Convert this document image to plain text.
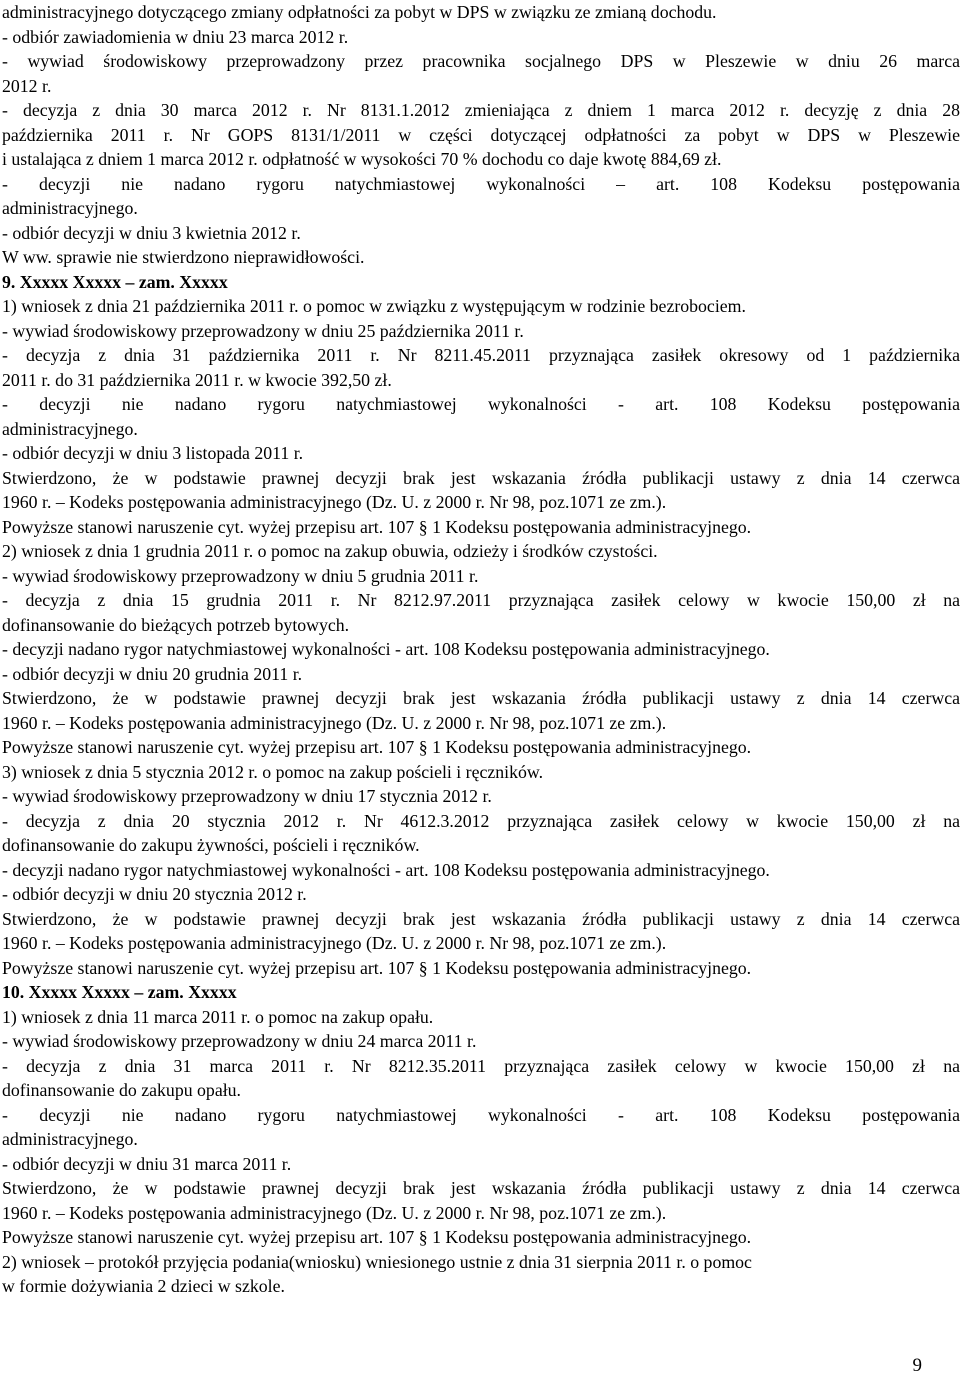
administracyjnego dotyczącego zmiany odpłatności za pobyt w DPS w związku ze zmianą dochodu.
- odbiór zawiadomienia w dniu 23 marca 2012 r.
- wywiad środowiskowy przeprowadzony przez pracownika socjalnego DPS w Pleszewie w dniu 26 marca
2012 r.
- decyzja z dnia 30 marca 2012 r. Nr 8131.1.2012 zmieniająca z dniem 1 marca 2012 r. decyzję z dnia 28
października 2011 r. Nr GOPS 8131/1/2011 w części dotyczącej odpłatności za pobyt w DPS w Pleszewie
i ustalająca z dniem 1 marca 2012 r. odpłatność w wysokości 70 % dochodu co daje kwotę 884,69 zł.
- decyzji nie nadano rygoru natychmiastowej wykonalności – art. 108 Kodeksu postępowania
administracyjnego.
- odbiór decyzji w dniu 3 kwietnia 2012 r.
W ww. sprawie nie stwierdzono nieprawidłowości.
9. Xxxxx Xxxxx – zam. Xxxxx
1) wniosek z dnia 21 października 2011 r. o pomoc w związku z występującym w rodzinie bezrobociem.
- wywiad środowiskowy przeprowadzony w dniu 25 października 2011 r.
- decyzja z dnia 31 października 2011 r. Nr 8211.45.2011 przyznająca zasiłek okresowy od 1 października
2011 r. do 31 października 2011 r. w kwocie 392,50 zł.
- decyzji nie nadano rygoru natychmiastowej wykonalności - art. 108 Kodeksu postępowania
administracyjnego.
- odbiór decyzji w dniu 3 listopada 2011 r.
Stwierdzono, że w podstawie prawnej decyzji brak jest wskazania źródła publikacji ustawy z dnia 14 czerwca
1960 r. – Kodeks postępowania administracyjnego (Dz. U. z 2000 r. Nr 98, poz.1071 ze zm.).
Powyższe stanowi naruszenie cyt. wyżej przepisu art. 107 § 1 Kodeksu postępowania administracyjnego.
2) wniosek z dnia 1 grudnia 2011 r. o pomoc na zakup obuwia, odzieży i środków czystości.
- wywiad środowiskowy przeprowadzony w dniu 5 grudnia 2011 r.
- decyzja z dnia 15 grudnia 2011 r. Nr 8212.97.2011 przyznająca zasiłek celowy w kwocie 150,00 zł na
dofinansowanie do bieżących potrzeb bytowych.
- decyzji nadano rygor natychmiastowej wykonalności - art. 108 Kodeksu postępowania administracyjnego.
- odbiór decyzji w dniu 20 grudnia 2011 r.
Stwierdzono, że w podstawie prawnej decyzji brak jest wskazania źródła publikacji ustawy z dnia 14 czerwca
1960 r. – Kodeks postępowania administracyjnego (Dz. U. z 2000 r. Nr 98, poz.1071 ze zm.).
Powyższe stanowi naruszenie cyt. wyżej przepisu art. 107 § 1 Kodeksu postępowania administracyjnego.
3) wniosek z dnia 5 stycznia 2012 r. o pomoc na zakup pościeli i ręczników.
- wywiad środowiskowy przeprowadzony w dniu 17 stycznia 2012 r.
- decyzja z dnia 20 stycznia 2012 r. Nr 4612.3.2012 przyznająca zasiłek celowy w kwocie 150,00 zł na
dofinansowanie do zakupu żywności, pościeli i ręczników.
- decyzji nadano rygor natychmiastowej wykonalności - art. 108 Kodeksu postępowania administracyjnego.
- odbiór decyzji w dniu 20 stycznia 2012 r.
Stwierdzono, że w podstawie prawnej decyzji brak jest wskazania źródła publikacji ustawy z dnia 14 czerwca
1960 r. – Kodeks postępowania administracyjnego (Dz. U. z 2000 r. Nr 98, poz.1071 ze zm.).
Powyższe stanowi naruszenie cyt. wyżej przepisu art. 107 § 1 Kodeksu postępowania administracyjnego.
10. Xxxxx Xxxxx – zam. Xxxxx
1) wniosek z dnia 11 marca 2011 r. o pomoc na zakup opału.
- wywiad środowiskowy przeprowadzony w dniu 24 marca 2011 r.
- decyzja z dnia 31 marca 2011 r. Nr 8212.35.2011 przyznająca zasiłek celowy w kwocie 150,00 zł na
dofinansowanie do zakupu opału.
- decyzji nie nadano rygoru natychmiastowej wykonalności - art. 108 Kodeksu postępowania
administracyjnego.
- odbiór decyzji w dniu 31 marca 2011 r.
Stwierdzono, że w podstawie prawnej decyzji brak jest wskazania źródła publikacji ustawy z dnia 14 czerwca
1960 r. – Kodeks postępowania administracyjnego (Dz. U. z 2000 r. Nr 98, poz.1071 ze zm.).
Powyższe stanowi naruszenie cyt. wyżej przepisu art. 107 § 1 Kodeksu postępowania administracyjnego.
2) wniosek – protokół przyjęcia podania(wniosku) wniesionego ustnie z dnia 31 sierpnia 2011 r. o pomoc
w formie dożywiania 2 dzieci w szkole.
9
